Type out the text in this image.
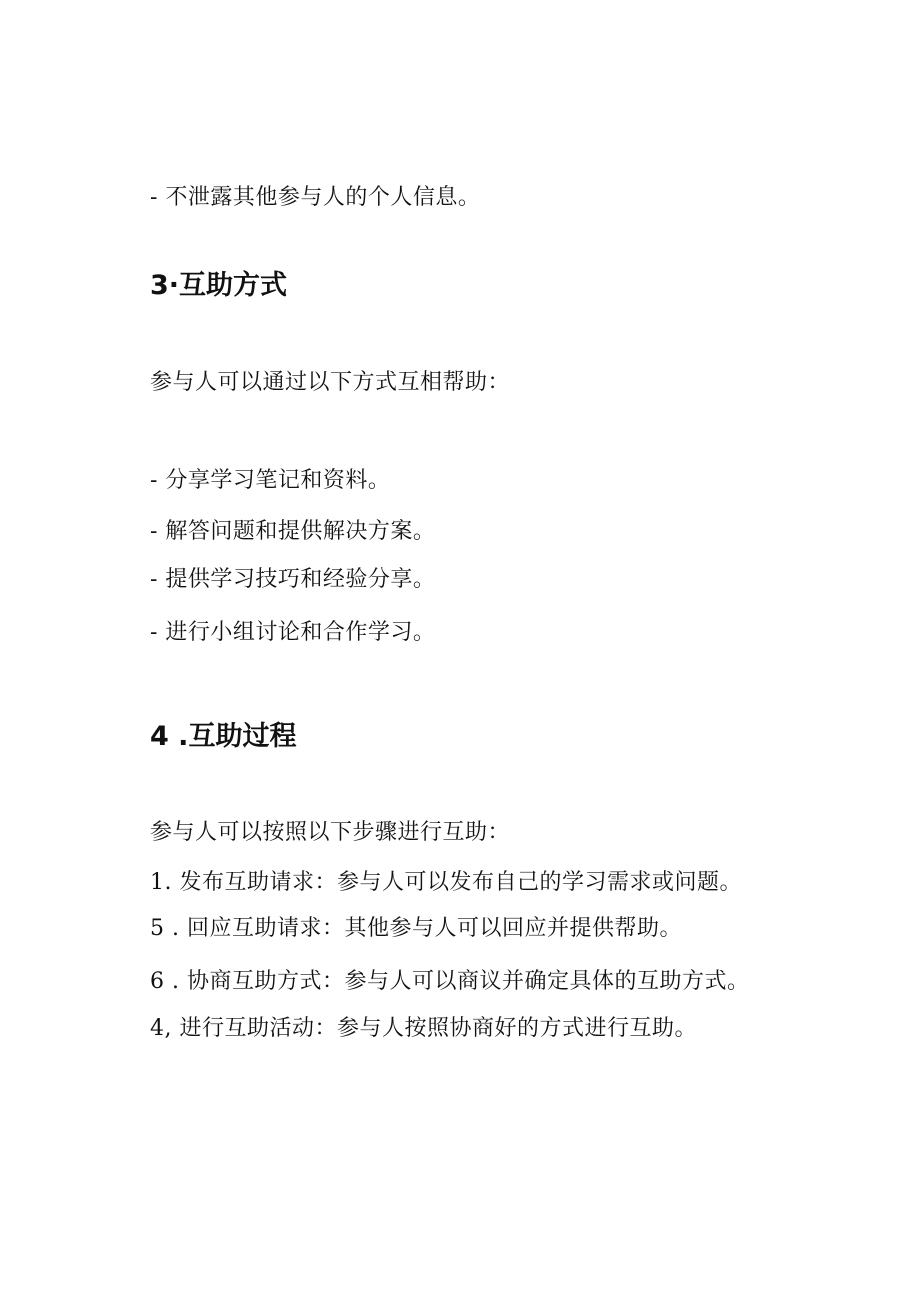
- 不泄露其他参与人的个人信息。
3·互助方式
参与人可以通过以下方式互相帮助：
- 分享学习笔记和资料。
- 解答问题和提供解决方案。
- 提供学习技巧和经验分享。
- 进行小组讨论和合作学习。
4 .互助过程
参与人可以按照以下步骤进行互助：
1. 发布互助请求：参与人可以发布自己的学习需求或问题。
5 . 回应互助请求：其他参与人可以回应并提供帮助。
6 . 协商互助方式：参与人可以商议并确定具体的互助方式。
4, 进行互助活动：参与人按照协商好的方式进行互助。
